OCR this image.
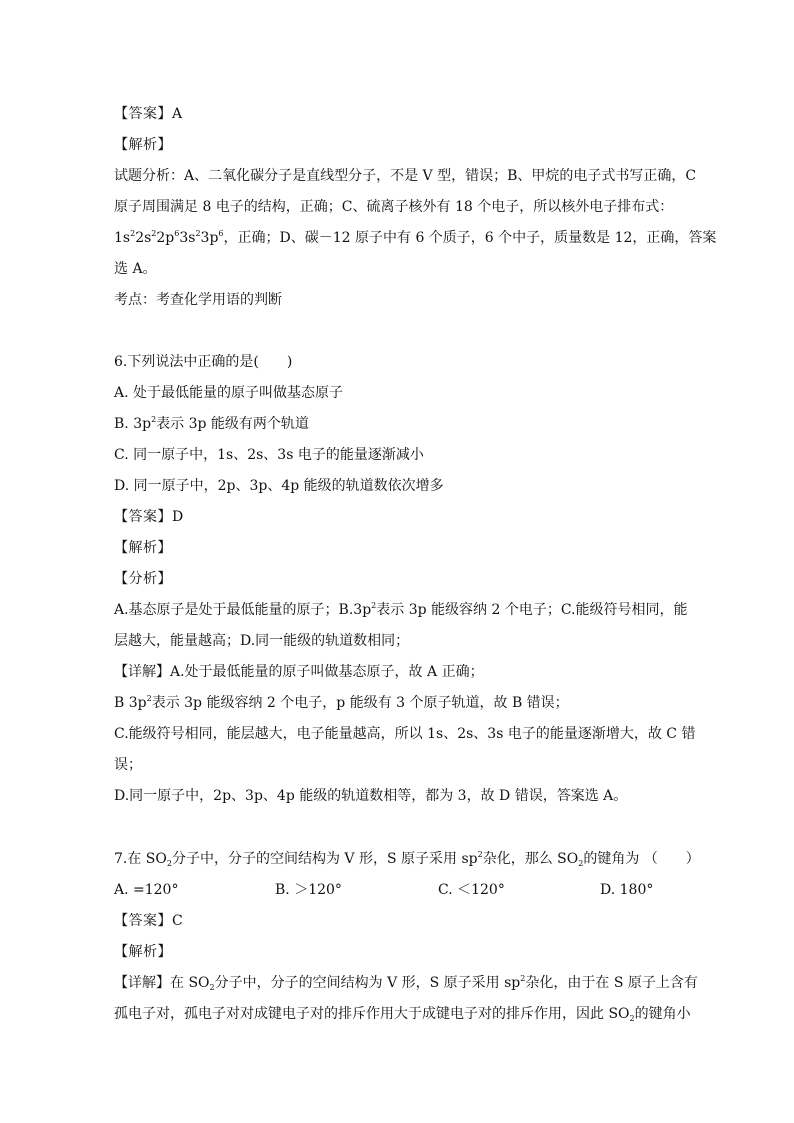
【答案】A
【解析】
试题分析：A、二氧化碳分子是直线型分子，不是 V 型，错误；B、甲烷的电子式书写正确，C
原子周围满足 8 电子的结构，正确；C、硫离子核外有 18 个电子，所以核外电子排布式：
$1s^22s^22p^63s^23p^6$，正确；D、碳－12 原子中有 6 个质子，6 个中子，质量数是 12，正确，答案
选 A。
考点：考查化学用语的判断
6.下列说法中正确的是(　　)
A. 处于最低能量的原子叫做基态原子
B. $3p^2$表示 3p 能级有两个轨道
C. 同一原子中，1s、2s、3s 电子的能量逐渐减小
D. 同一原子中，2p、3p、4p 能级的轨道数依次增多
【答案】D
【解析】
【分析】
A.基态原子是处于最低能量的原子；$B.3p^2$表示 3p 能级容纳 2 个电子；C.能级符号相同，能
层越大，能量越高；D.同一能级的轨道数相同；
【详解】A.处于最低能量的原子叫做基态原子，故 A 正确；
B $3p^2$表示 3p 能级容纳 2 个电子，p 能级有 3 个原子轨道，故 B 错误；
C.能级符号相同，能层越大，电子能量越高，所以 1s、2s、3s 电子的能量逐渐增大，故 C 错
误；
D.同一原子中，2p、3p、4p 能级的轨道数相等，都为 3，故 D 错误，答案选 A。
7.在 $SO_2$分子中，分子的空间结构为 V 形，S 原子采用 $sp^2$杂化，那么 $SO_2$的键角为 （　　）
A. =120°	B. ＞120°	C. ＜120°	D. 180°
【答案】C
【解析】
【详解】在 $SO_2$分子中，分子的空间结构为 V 形，S 原子采用 $sp^2$杂化，由于在 S 原子上含有
孤电子对，孤电子对对成键电子对的排斥作用大于成键电子对的排斥作用，因此 $SO_2$的键角小
